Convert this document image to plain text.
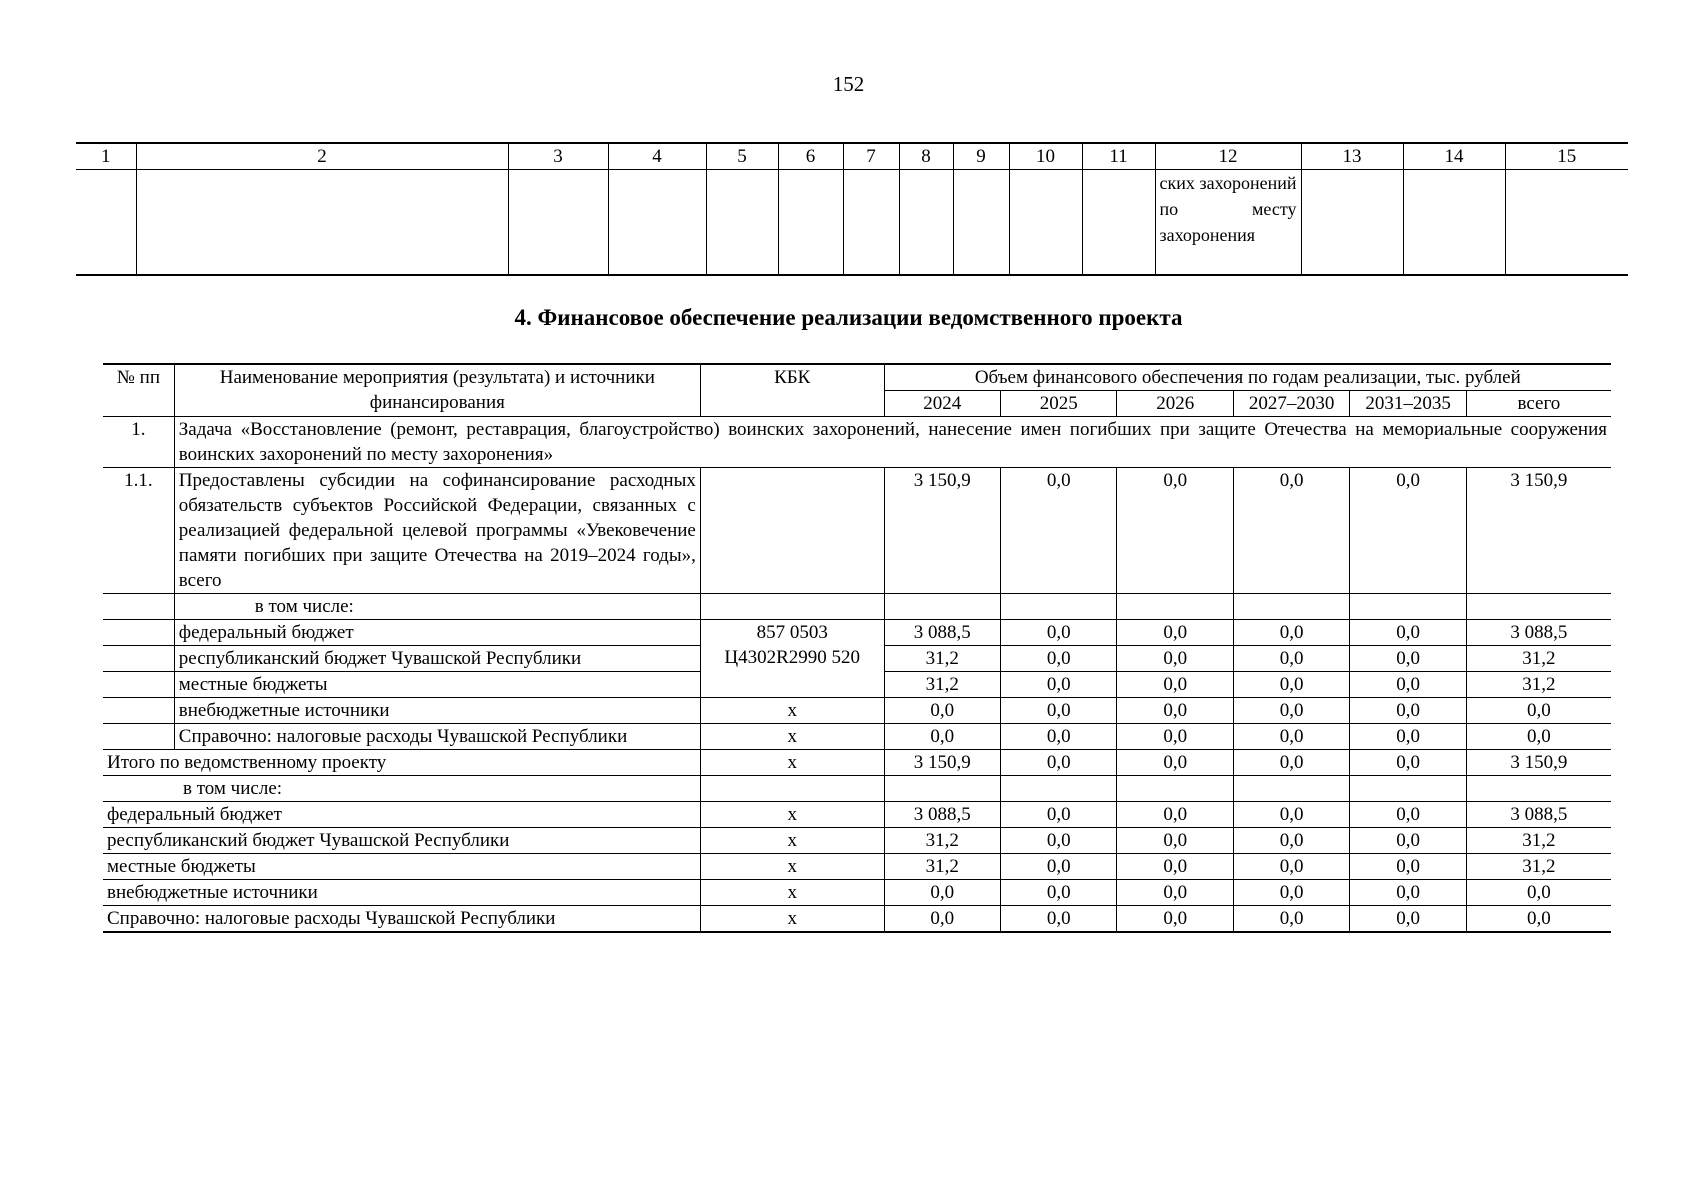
152
1	2	3	4	5	6	7	8	9	10	11	12	13	14	15
											ских захоронений по месту захоронения			
4. Финансовое обеспечение реализации ведомственного проекта
№ пп	Наименование мероприятия (результата) и источники финансирования	КБК	Объем финансового обеспечения по годам реализации, тыс. рублей					
			2024	2025	2026	2027–2030	2031–2035	всего
1.	Задача «Восстановление (ремонт, реставрация, благоустройство) воинских захоронений, нанесение имен погибших при защите Отечества на мемориальные сооружения воинских захоронений по месту захоронения»							
1.1.	Предоставлены субсидии на софинансирование расходных обязательств субъектов Российской Федерации, связанных с реализацией федеральной целевой программы «Увековечение памяти погибших при защите Отечества на 2019–2024 годы», всего		3 150,9	0,0	0,0	0,0	0,0	3 150,9
	в том числе:							
	федеральный бюджет	857 0503 Ц4302R2990 520	3 088,5	0,0	0,0	0,0	0,0	3 088,5
	республиканский бюджет Чувашской Республики		31,2	0,0	0,0	0,0	0,0	31,2
	местные бюджеты		31,2	0,0	0,0	0,0	0,0	31,2
	внебюджетные источники	х	0,0	0,0	0,0	0,0	0,0	0,0
	Справочно: налоговые расходы Чувашской Республики	х	0,0	0,0	0,0	0,0	0,0	0,0
Итого по ведомственному проекту		х	3 150,9	0,0	0,0	0,0	0,0	3 150,9
в том числе:								
федеральный бюджет		х	3 088,5	0,0	0,0	0,0	0,0	3 088,5
республиканский бюджет Чувашской Республики		х	31,2	0,0	0,0	0,0	0,0	31,2
местные бюджеты		х	31,2	0,0	0,0	0,0	0,0	31,2
внебюджетные источники		х	0,0	0,0	0,0	0,0	0,0	0,0
Справочно: налоговые расходы Чувашской Республики		х	0,0	0,0	0,0	0,0	0,0	0,0
